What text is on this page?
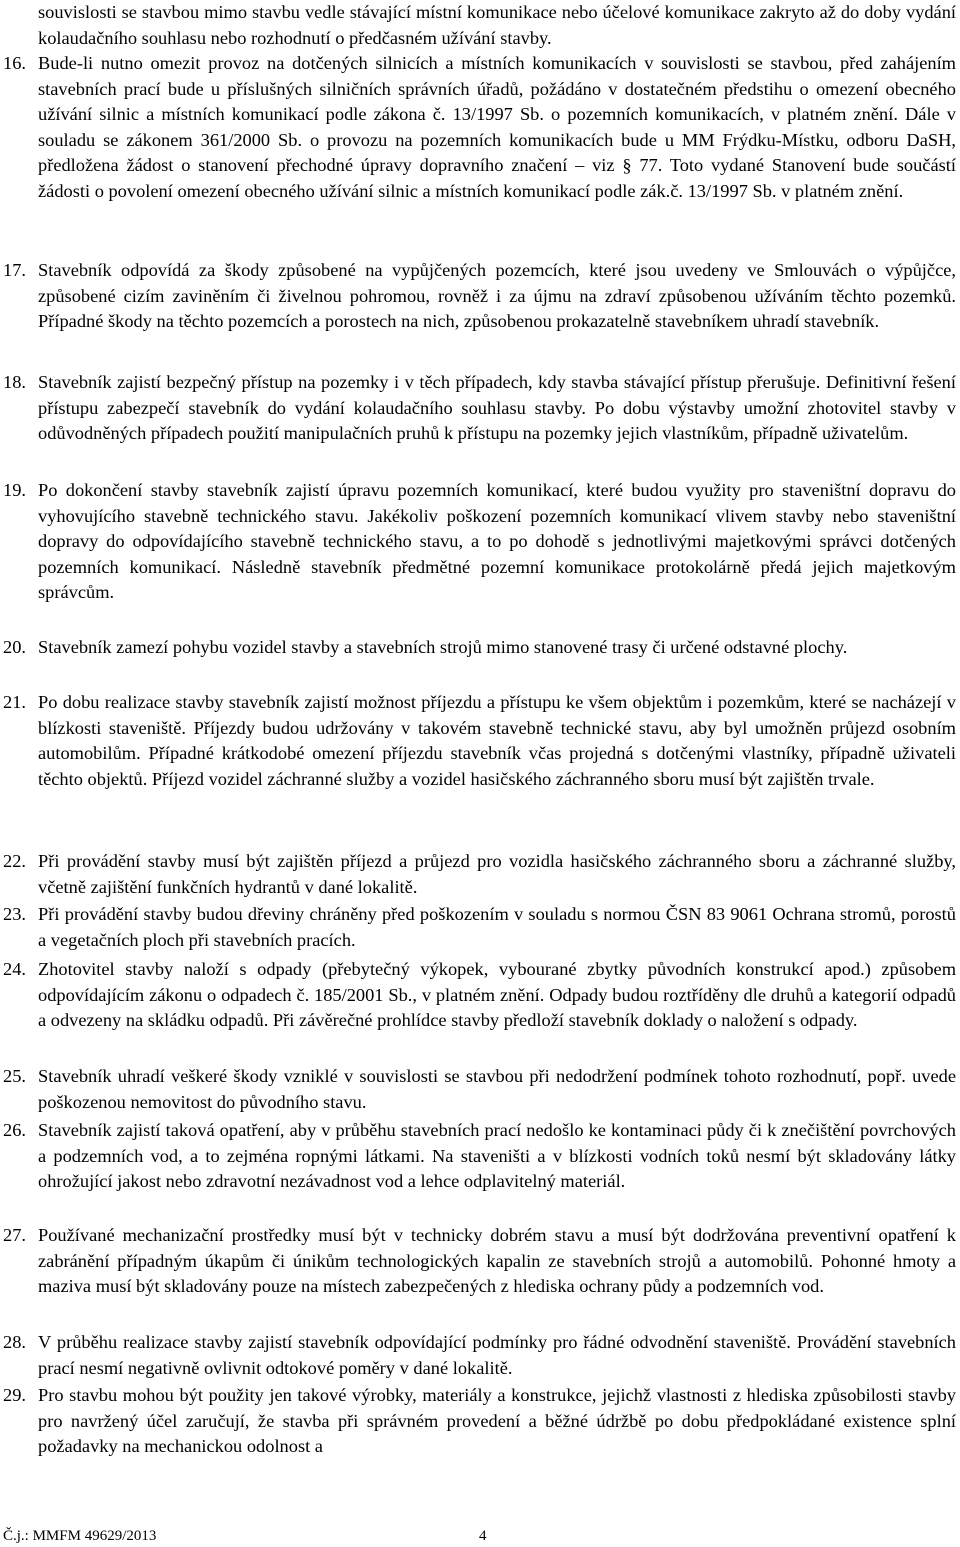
souvislosti se stavbou mimo stavbu vedle stávající místní komunikace nebo účelové komunikace zakryto až do doby vydání kolaudačního souhlasu nebo rozhodnutí o předčasném užívání stavby.
16. Bude-li nutno omezit provoz na dotčených silnicích a místních komunikacích v souvislosti se stavbou, před zahájením stavebních prací bude u příslušných silničních správních úřadů, požádáno v dostatečném předstihu o omezení obecného užívání silnic a místních komunikací podle zákona č. 13/1997 Sb. o pozemních komunikacích, v platném znění. Dále v souladu se zákonem 361/2000 Sb. o provozu na pozemních komunikacích bude u MM Frýdku-Místku, odboru DaSH, předložena žádost o stanovení přechodné úpravy dopravního značení – viz § 77. Toto vydané Stanovení bude součástí žádosti o povolení omezení obecného užívání silnic a místních komunikací podle zák.č. 13/1997 Sb. v platném znění.
17. Stavebník odpovídá za škody způsobené na vypůjčených pozemcích, které jsou uvedeny ve Smlouvách o výpůjčce, způsobené cizím zaviněním či živelnou pohromou, rovněž i za újmu na zdraví způsobenou užíváním těchto pozemků. Případné škody na těchto pozemcích a porostech na nich, způsobenou prokazatelně stavebníkem uhradí stavebník.
18. Stavebník zajistí bezpečný přístup na pozemky i v těch případech, kdy stavba stávající přístup přerušuje. Definitivní řešení přístupu zabezpečí stavebník do vydání kolaudačního souhlasu stavby. Po dobu výstavby umožní zhotovitel stavby v odůvodněných případech použití manipulačních pruhů k přístupu na pozemky jejich vlastníkům, případně uživatelům.
19. Po dokončení stavby stavebník zajistí úpravu pozemních komunikací, které budou využity pro staveništní dopravu do vyhovujícího stavebně technického stavu. Jakékoliv poškození pozemních komunikací vlivem stavby nebo staveništní dopravy do odpovídajícího stavebně technického stavu, a to po dohodě s jednotlivými majetkovými správci dotčených pozemních komunikací. Následně stavebník předmětné pozemní komunikace protokolárně předá jejich majetkovým správcům.
20. Stavebník zamezí pohybu vozidel stavby a stavebních strojů mimo stanovené trasy či určené odstavné plochy.
21. Po dobu realizace stavby stavebník zajistí možnost příjezdu a přístupu ke všem objektům i pozemkům, které se nacházejí v blízkosti staveniště. Příjezdy budou udržovány v takovém stavebně technické stavu, aby byl umožněn průjezd osobním automobilům. Případné krátkodobé omezení příjezdu stavebník včas projedná s dotčenými vlastníky, případně uživateli těchto objektů. Příjezd vozidel záchranné služby a vozidel hasičského záchranného sboru musí být zajištěn trvale.
22. Při provádění stavby musí být zajištěn příjezd a průjezd pro vozidla hasičského záchranného sboru a záchranné služby, včetně zajištění funkčních hydrantů v dané lokalitě.
23. Při provádění stavby budou dřeviny chráněny před poškozením v souladu s normou ČSN 83 9061 Ochrana stromů, porostů a vegetačních ploch při stavebních pracích.
24. Zhotovitel stavby naloží s odpady (přebytečný výkopek, vybourané zbytky původních konstrukcí apod.) způsobem odpovídajícím zákonu o odpadech č. 185/2001 Sb., v platném znění. Odpady budou roztříděny dle druhů a kategorií odpadů a odvezeny na skládku odpadů. Při závěrečné prohlídce stavby předloží stavebník doklady o naložení s odpady.
25. Stavebník uhradí veškeré škody vzniklé v souvislosti se stavbou při nedodržení podmínek tohoto rozhodnutí, popř. uvede poškozenou nemovitost do původního stavu.
26. Stavebník zajistí taková opatření, aby v průběhu stavebních prací nedošlo ke kontaminaci půdy či k znečištění povrchových a podzemních vod, a to zejména ropnými látkami. Na staveništi a v blízkosti vodních toků nesmí být skladovány látky ohrožující jakost nebo zdravotní nezávadnost vod a lehce odplavitelný materiál.
27. Používané mechanizační prostředky musí být v technicky dobrém stavu a musí být dodržována preventivní opatření k zabránění případným úkapům či únikům technologických kapalin ze stavebních strojů a automobilů. Pohonné hmoty a maziva musí být skladovány pouze na místech zabezpečených z hlediska ochrany půdy a podzemních vod.
28. V průběhu realizace stavby zajistí stavebník odpovídající podmínky pro řádné odvodnění staveniště. Provádění stavebních prací nesmí negativně ovlivnit odtokové poměry v dané lokalitě.
29. Pro stavbu mohou být použity jen takové výrobky, materiály a konstrukce, jejichž vlastnosti z hlediska způsobilosti stavby pro navržený účel zaručují, že stavba při správném provedení a běžné údržbě po dobu předpokládané existence splní požadavky na mechanickou odolnost a
Č.j.: MMFM 49629/2013	4
